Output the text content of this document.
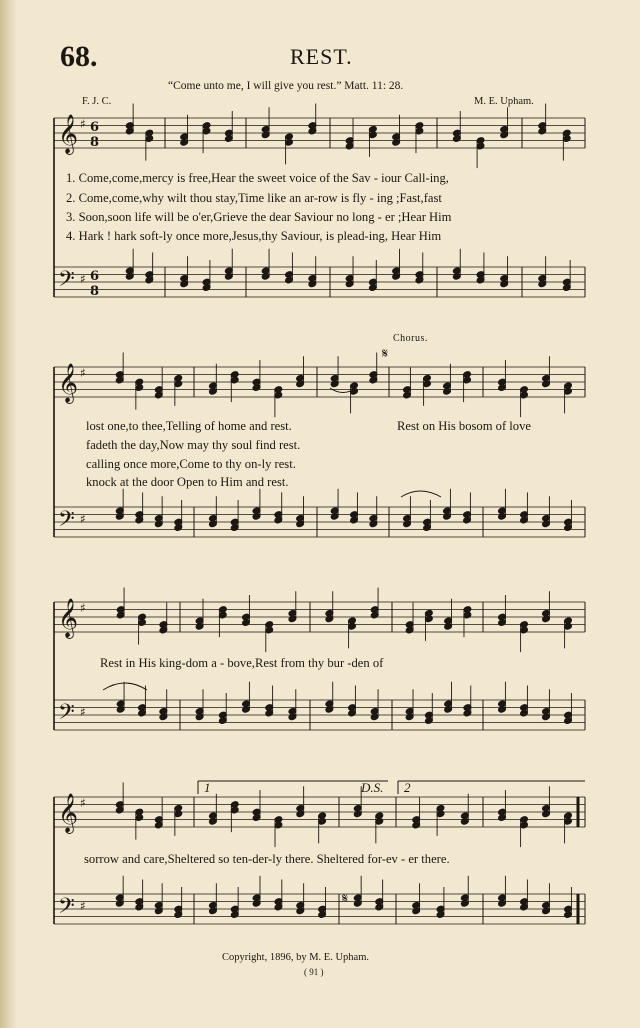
68.	REST.
“Come unto me, I will give you rest.” Matt. 11: 28.
F. J. C.	M. E. Upham.
𝄞
𝄢
♯
♯
6
8
6
8
𝄞
𝄢
♯
♯
𝄞
𝄢
♯
♯
𝄞
𝄢
♯
♯
𝄋
𝄋
1. Come,come,mercy is free,Hear the sweet voice of the Sav - iour Call-ing,
2. Come,come,why wilt thou stay,Time like an ar-row is fly - ing ;Fast,fast
3. Soon,soon life will be o'er,Grieve the dear Saviour no long - er ;Hear Him
4. Hark ! hark soft-ly once more,Jesus,thy Saviour, is plead-ing, Hear Him
Chorus.
lost one,to thee,Telling of home and rest.
fadeth the day,Now may thy soul find rest.
calling once more,Come to thy on-ly rest.
knock at the door Open to Him and rest.
Rest on His bosom of love
Rest in His king-dom a - bove,Rest from thy bur -den of
1	D.S. 2
sorrow and care,Sheltered so ten-der-ly there. Sheltered for-ev - er there.
Copyright, 1896, by M. E. Upham.
( 91 )
